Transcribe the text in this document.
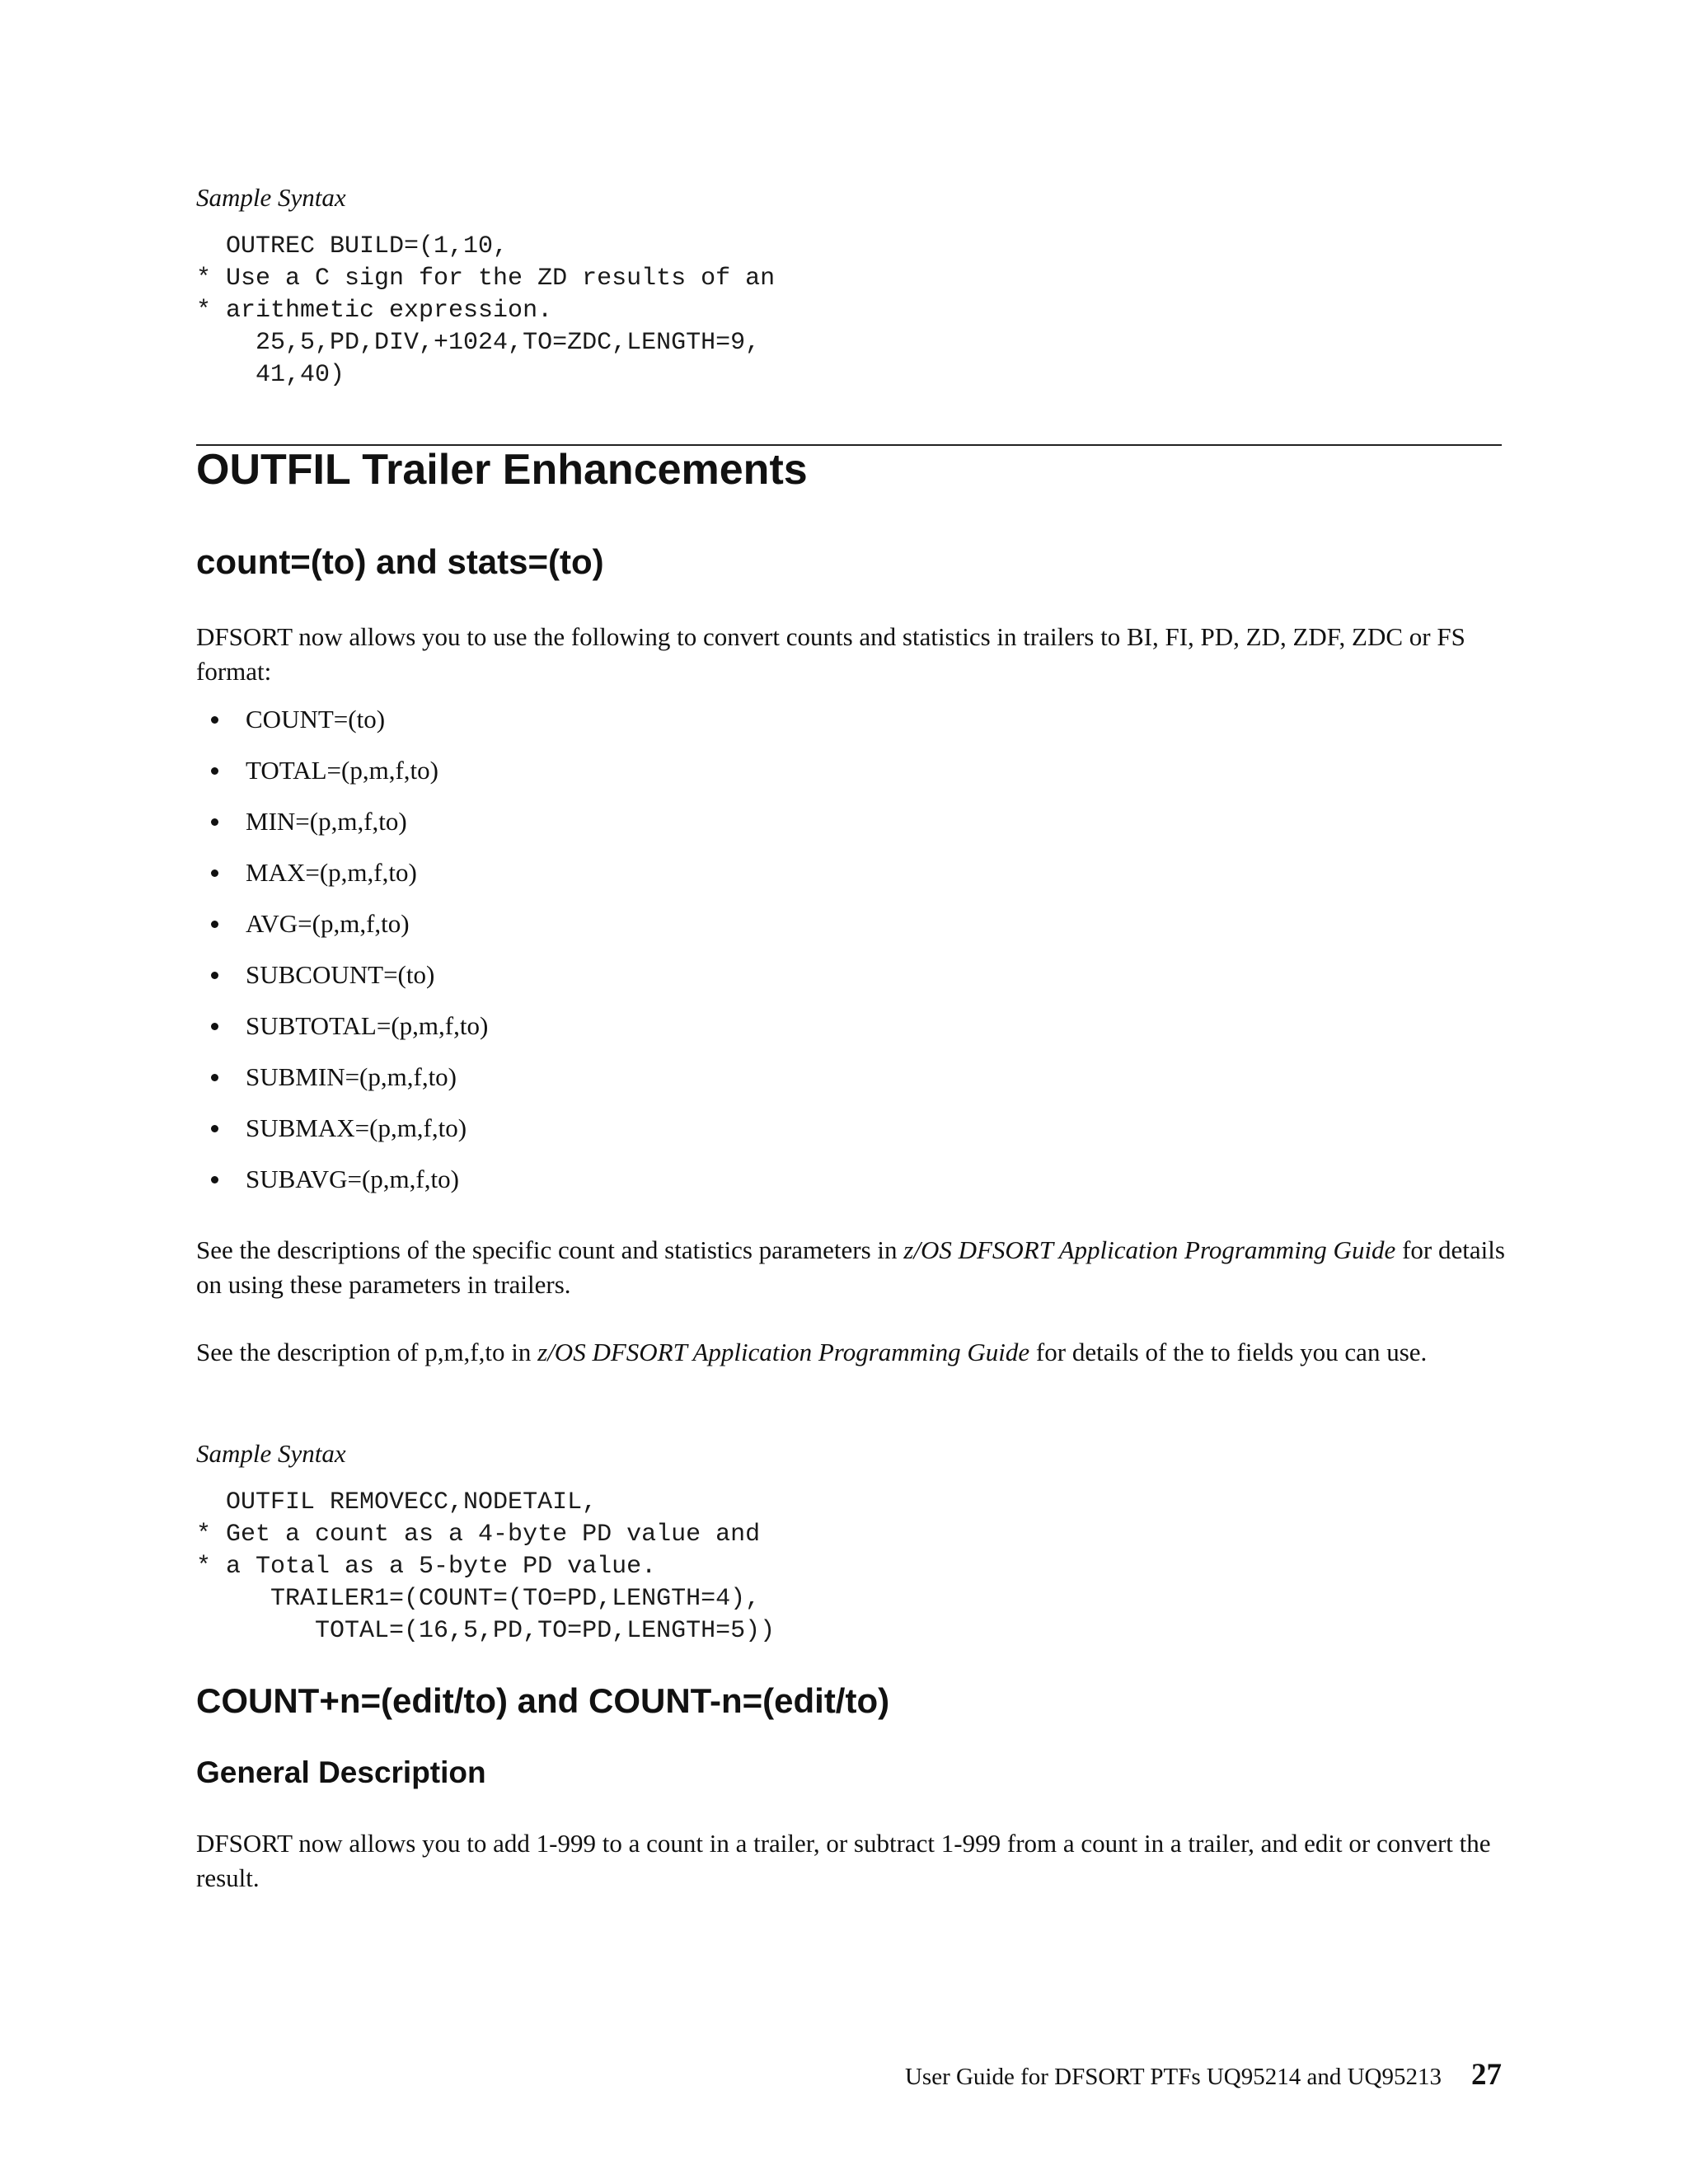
Sample Syntax
OUTREC BUILD=(1,10,
* Use a C sign for the ZD results of an
* arithmetic expression.
25,5,PD,DIV,+1024,TO=ZDC,LENGTH=9,
41,40)
OUTFIL Trailer Enhancements
count=(to) and stats=(to)

DFSORT now allows you to use the following to convert counts and statistics in trailers to BI, FI, PD, ZD, ZDF, ZDC or FS format:

COUNT=(to)
TOTAL=(p,m,f,to)
MIN=(p,m,f,to)
MAX=(p,m,f,to)
AVG=(p,m,f,to)
SUBCOUNT=(to)
SUBTOTAL=(p,m,f,to)
SUBMIN=(p,m,f,to)
SUBMAX=(p,m,f,to)
SUBAVG=(p,m,f,to)

See the descriptions of the specific count and statistics parameters in z/OS DFSORT Application Programming Guide for details on using these parameters in trailers.

See the description of p,m,f,to in z/OS DFSORT Application Programming Guide for details of the to fields you can use.

Sample Syntax
OUTFIL REMOVECC,NODETAIL,
* Get a count as a 4-byte PD value and
* a Total as a 5-byte PD value.
TRAILER1=(COUNT=(TO=PD,LENGTH=4),
TOTAL=(16,5,PD,TO=PD,LENGTH=5))
COUNT+n=(edit/to) and COUNT-n=(edit/to)
General Description

DFSORT now allows you to add 1-999 to a count in a trailer, or subtract 1-999 from a count in a trailer, and edit or convert the result.

User Guide for DFSORT PTFs UQ95214 and UQ95213 27
